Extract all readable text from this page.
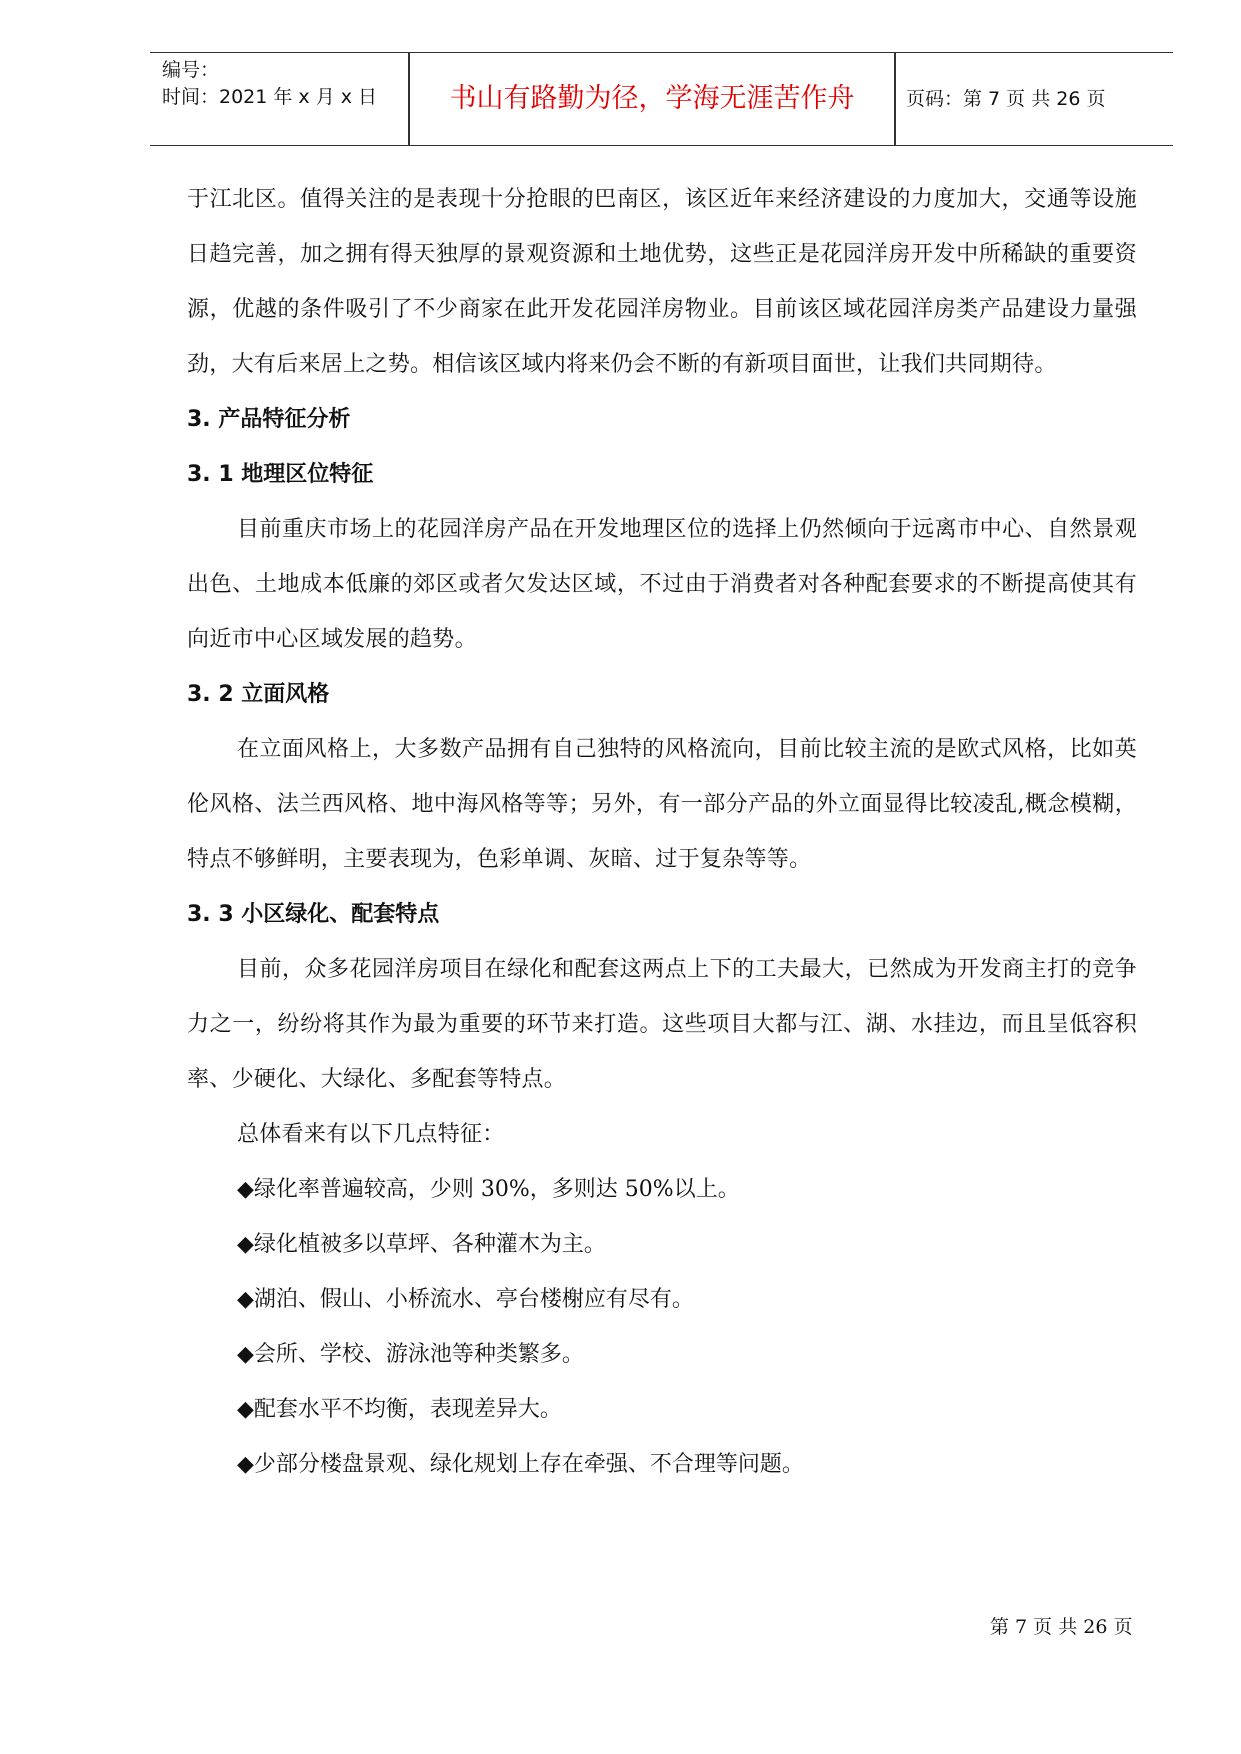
编号：
时间：2021 年 x 月 x 日	书山有路勤为径，学海无涯苦作舟	页码：第 7 页 共 26 页

于江北区。值得关注的是表现十分抢眼的巴南区，该区近年来经济建设的力度加大，交通等设施日趋完善，加之拥有得天独厚的景观资源和土地优势，这些正是花园洋房开发中所稀缺的重要资源，优越的条件吸引了不少商家在此开发花园洋房物业。目前该区域花园洋房类产品建设力量强劲，大有后来居上之势。相信该区域内将来仍会不断的有新项目面世，让我们共同期待。

3. 产品特征分析

3. 1 地理区位特征

目前重庆市场上的花园洋房产品在开发地理区位的选择上仍然倾向于远离市中心、自然景观出色、土地成本低廉的郊区或者欠发达区域，不过由于消费者对各种配套要求的不断提高使其有向近市中心区域发展的趋势。

3. 2 立面风格

在立面风格上，大多数产品拥有自己独特的风格流向，目前比较主流的是欧式风格，比如英伦风格、法兰西风格、地中海风格等等；另外，有一部分产品的外立面显得比较凌乱,概念模糊，特点不够鲜明，主要表现为，色彩单调、灰暗、过于复杂等等。

3. 3 小区绿化、配套特点

目前，众多花园洋房项目在绿化和配套这两点上下的工夫最大，已然成为开发商主打的竞争力之一，纷纷将其作为最为重要的环节来打造。这些项目大都与江、湖、水挂边，而且呈低容积率、少硬化、大绿化、多配套等特点。

总体看来有以下几点特征：

◆绿化率普遍较高，少则 30%，多则达 50%以上。

◆绿化植被多以草坪、各种灌木为主。

◆湖泊、假山、小桥流水、亭台楼榭应有尽有。

◆会所、学校、游泳池等种类繁多。

◆配套水平不均衡，表现差异大。

◆少部分楼盘景观、绿化规划上存在牵强、不合理等问题。

第 7 页 共 26 页
